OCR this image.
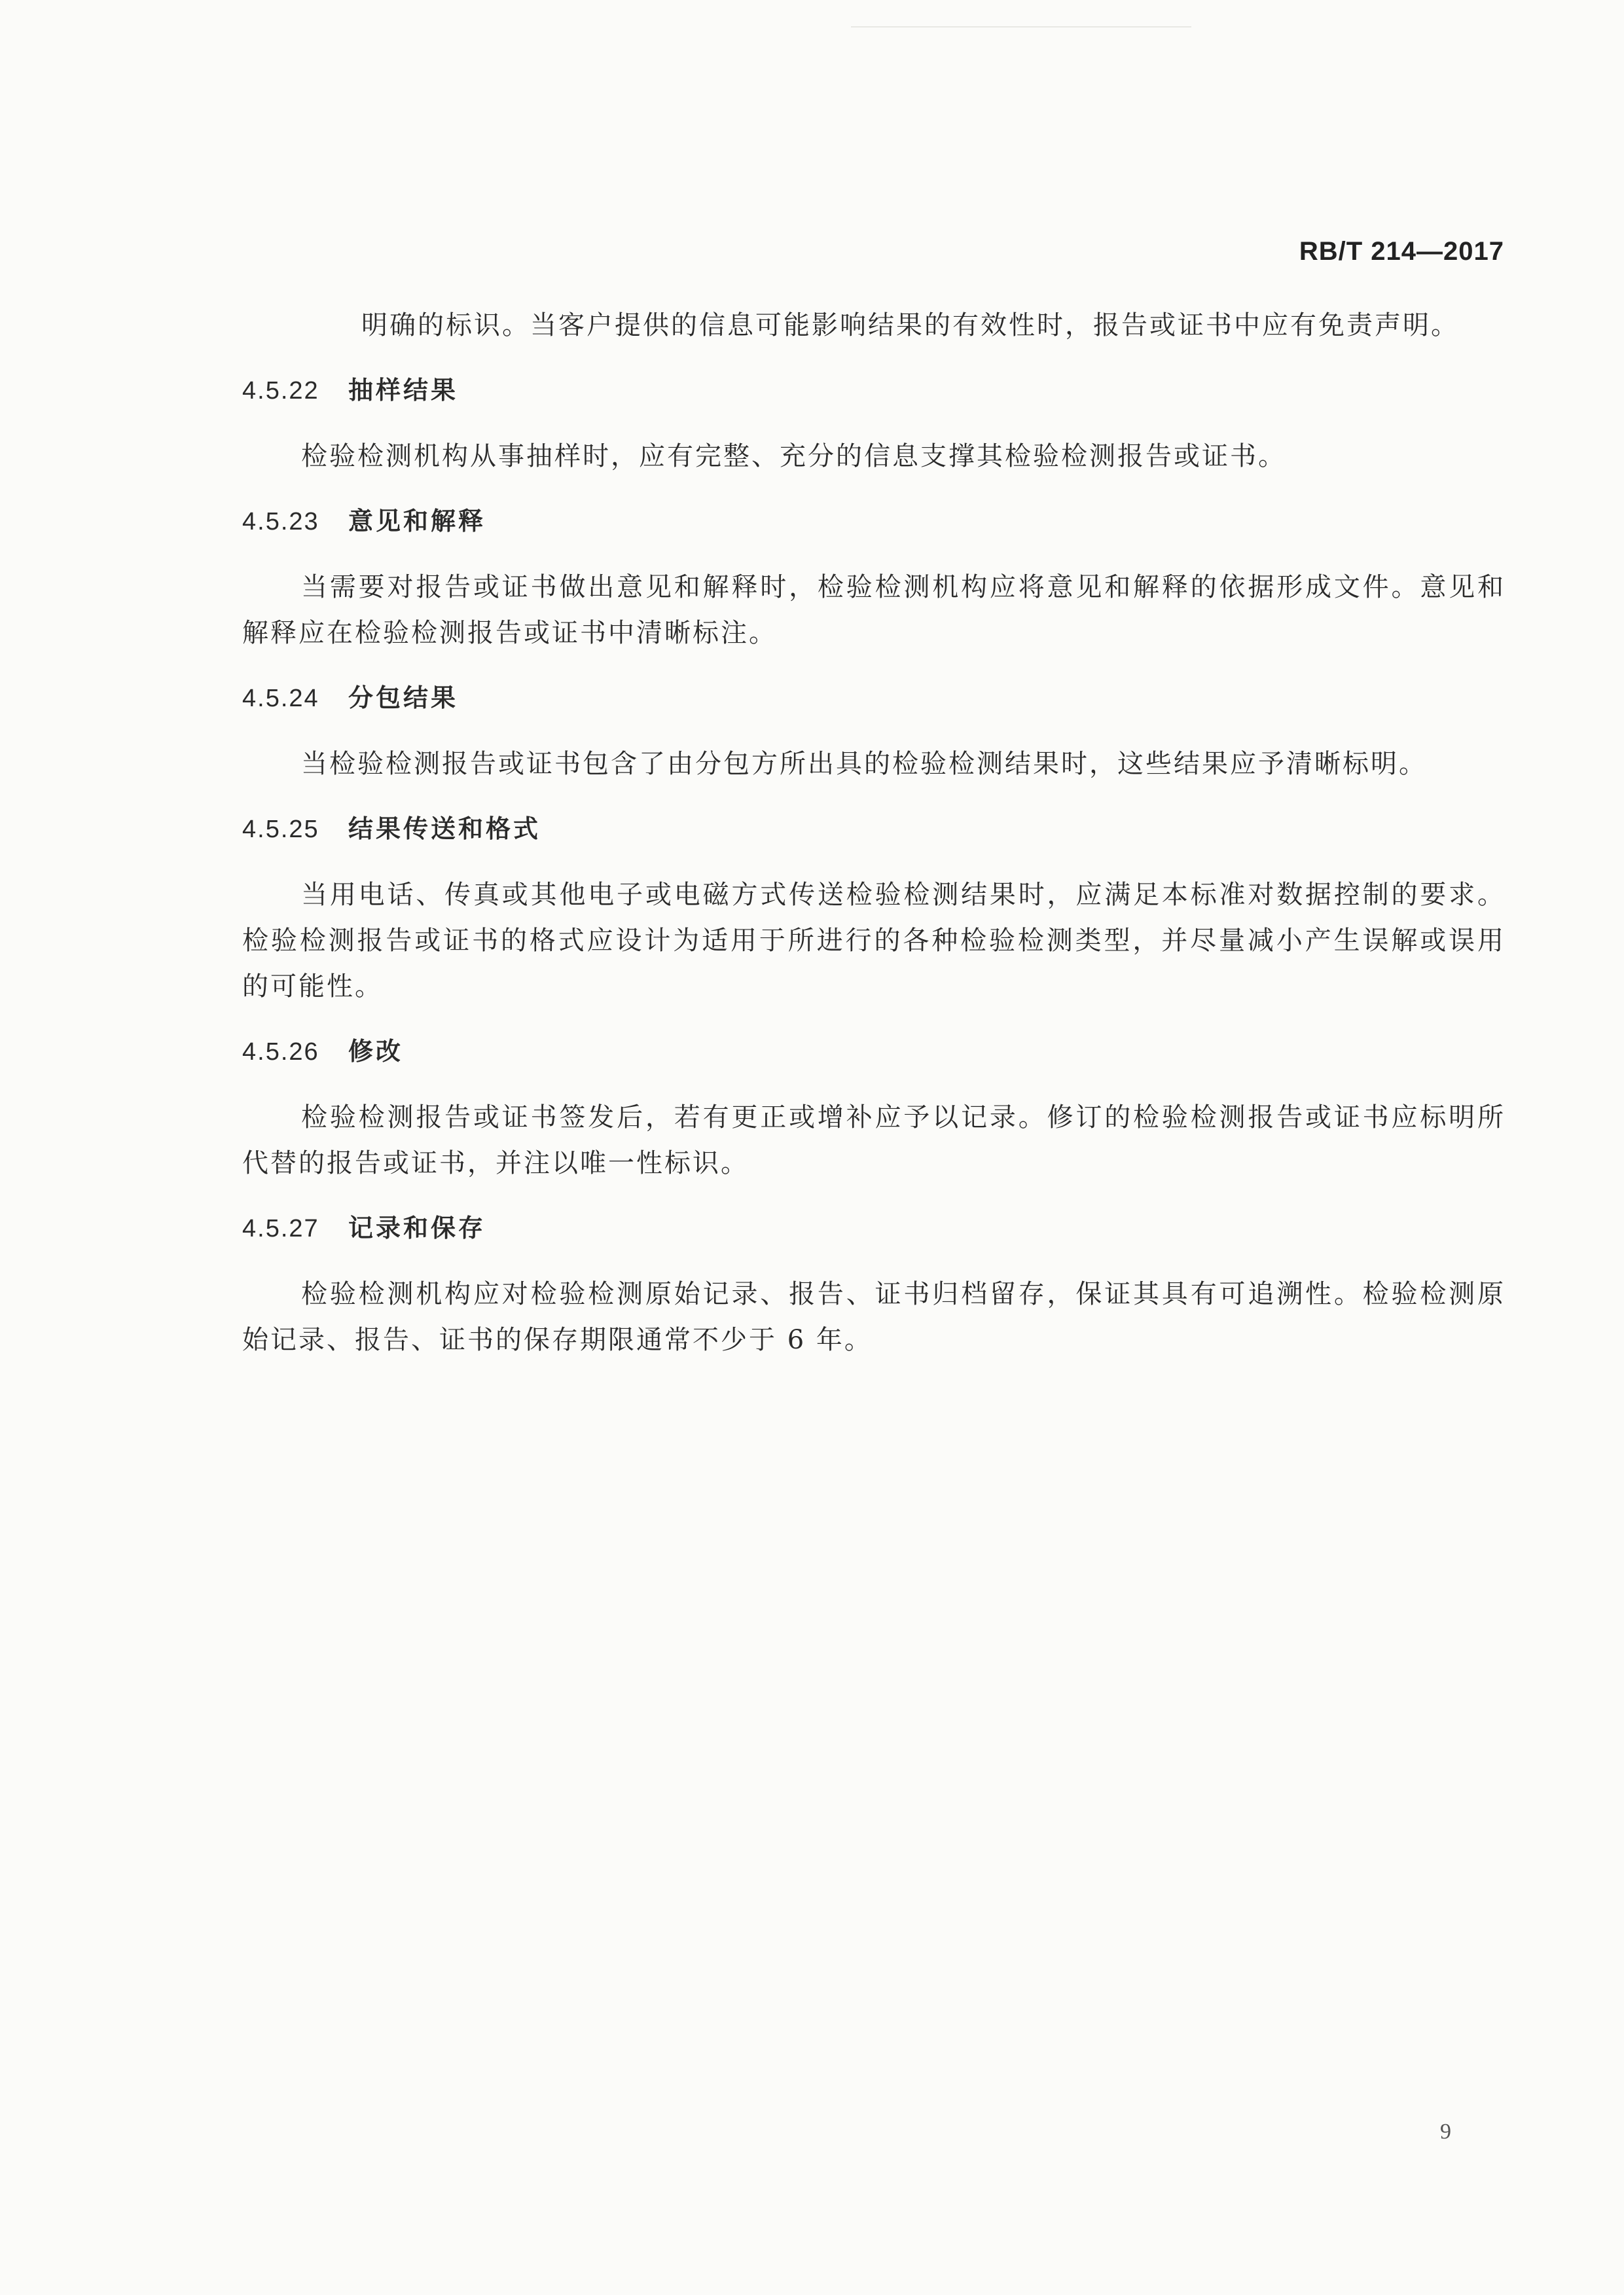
RB/T 214—2017

明确的标识。当客户提供的信息可能影响结果的有效性时，报告或证书中应有免责声明。

4.5.22 抽样结果

检验检测机构从事抽样时，应有完整、充分的信息支撑其检验检测报告或证书。

4.5.23 意见和解释

当需要对报告或证书做出意见和解释时，检验检测机构应将意见和解释的依据形成文件。意见和解释应在检验检测报告或证书中清晰标注。

4.5.24 分包结果

当检验检测报告或证书包含了由分包方所出具的检验检测结果时，这些结果应予清晰标明。

4.5.25 结果传送和格式

当用电话、传真或其他电子或电磁方式传送检验检测结果时，应满足本标准对数据控制的要求。检验检测报告或证书的格式应设计为适用于所进行的各种检验检测类型，并尽量减小产生误解或误用的可能性。

4.5.26 修改

检验检测报告或证书签发后，若有更正或增补应予以记录。修订的检验检测报告或证书应标明所代替的报告或证书，并注以唯一性标识。

4.5.27 记录和保存

检验检测机构应对检验检测原始记录、报告、证书归档留存，保证其具有可追溯性。检验检测原始记录、报告、证书的保存期限通常不少于 6 年。

9
